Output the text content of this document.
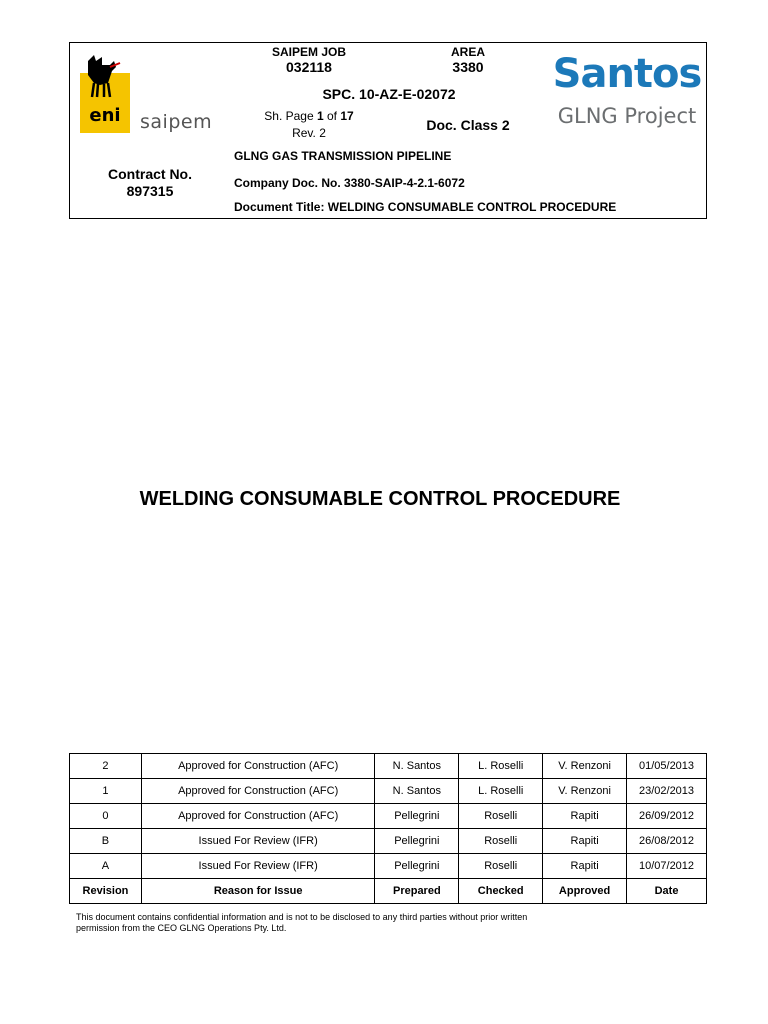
eni saipem
SAIPEM JOB
032118
AREA
3380	Santos
GLNG Project
SPC. 10-AZ-E-02072
Sh. Page 1 of 17
Rev. 2	Doc. Class 2
Contract No.
897315
GLNG GAS TRANSMISSION PIPELINE
Company Doc. No. 3380-SAIP-4-2.1-6072
Document Title: WELDING CONSUMABLE CONTROL PROCEDURE
WELDING CONSUMABLE CONTROL PROCEDURE
2	Approved for Construction (AFC)	N. Santos	L. Roselli	V. Renzoni	01/05/2013
1	Approved for Construction (AFC)	N. Santos	L. Roselli	V. Renzoni	23/02/2013
0	Approved for Construction (AFC)	Pellegrini	Roselli	Rapiti	26/09/2012
B	Issued For Review (IFR)	Pellegrini	Roselli	Rapiti	26/08/2012
A	Issued For Review (IFR)	Pellegrini	Roselli	Rapiti	10/07/2012
Revision	Reason for Issue	Prepared	Checked	Approved	Date
This document contains confidential information and is not to be disclosed to any third parties without prior written
permission from the CEO GLNG Operations Pty. Ltd.
